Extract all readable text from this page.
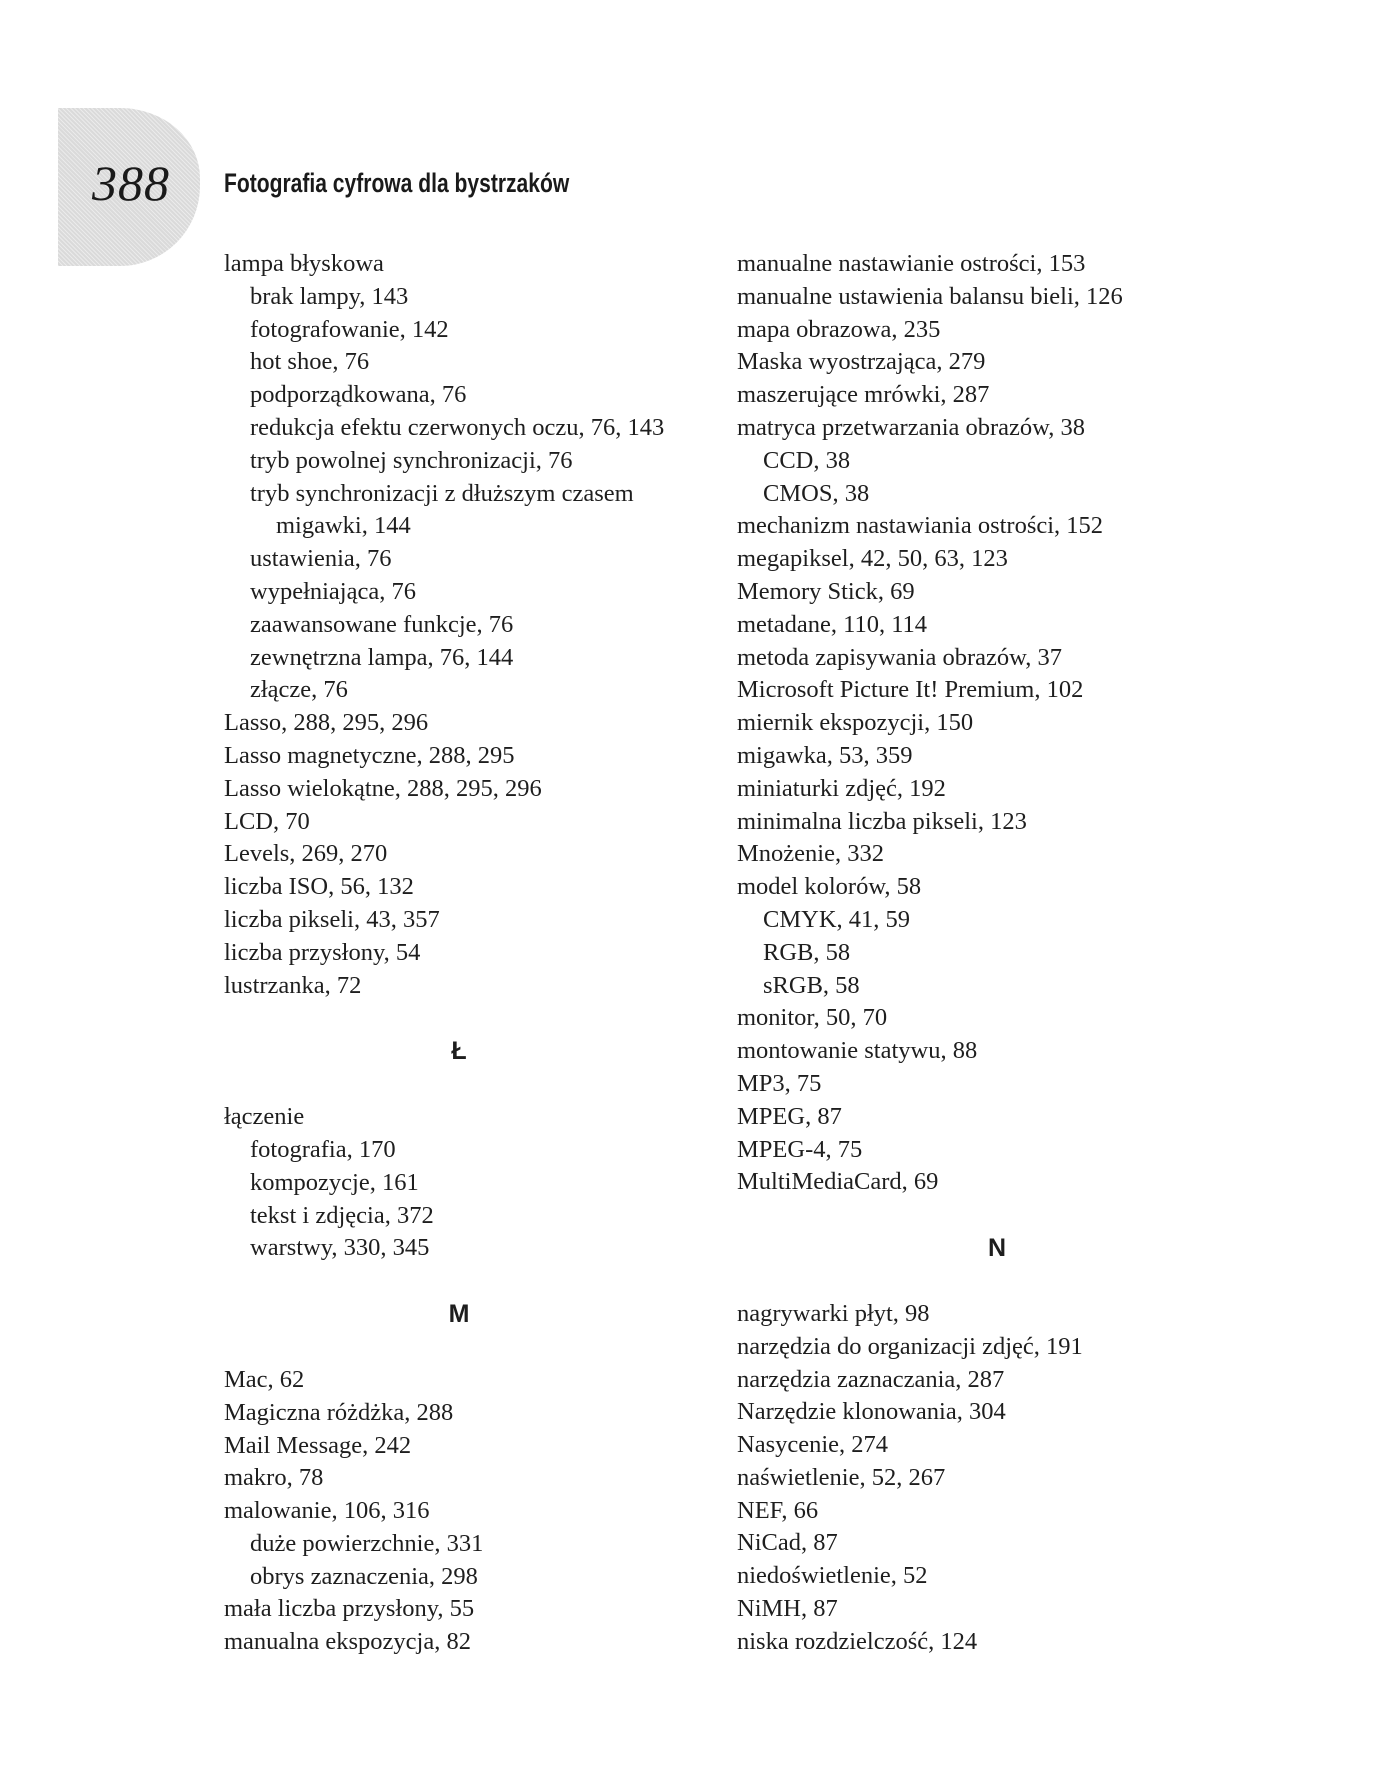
388 Fotografia cyfrowa dla bystrzaków
lampa błyskowa
brak lampy, 143
fotografowanie, 142
hot shoe, 76
podporządkowana, 76
redukcja efektu czerwonych oczu, 76, 143
tryb powolnej synchronizacji, 76
tryb synchronizacji z dłuższym czasem
migawki, 144
ustawienia, 76
wypełniająca, 76
zaawansowane funkcje, 76
zewnętrzna lampa, 76, 144
złącze, 76
Lasso, 288, 295, 296
Lasso magnetyczne, 288, 295
Lasso wielokątne, 288, 295, 296
LCD, 70
Levels, 269, 270
liczba ISO, 56, 132
liczba pikseli, 43, 357
liczba przysłony, 54
lustrzanka, 72
Ł
łączenie
fotografia, 170
kompozycje, 161
tekst i zdjęcia, 372
warstwy, 330, 345
M
Mac, 62
Magiczna różdżka, 288
Mail Message, 242
makro, 78
malowanie, 106, 316
duże powierzchnie, 331
obrys zaznaczenia, 298
mała liczba przysłony, 55
manualna ekspozycja, 82
manualne nastawianie ostrości, 153
manualne ustawienia balansu bieli, 126
mapa obrazowa, 235
Maska wyostrzająca, 279
maszerujące mrówki, 287
matryca przetwarzania obrazów, 38
CCD, 38
CMOS, 38
mechanizm nastawiania ostrości, 152
megapiksel, 42, 50, 63, 123
Memory Stick, 69
metadane, 110, 114
metoda zapisywania obrazów, 37
Microsoft Picture It! Premium, 102
miernik ekspozycji, 150
migawka, 53, 359
miniaturki zdjęć, 192
minimalna liczba pikseli, 123
Mnożenie, 332
model kolorów, 58
CMYK, 41, 59
RGB, 58
sRGB, 58
monitor, 50, 70
montowanie statywu, 88
MP3, 75
MPEG, 87
MPEG-4, 75
MultiMediaCard, 69
N
nagrywarki płyt, 98
narzędzia do organizacji zdjęć, 191
narzędzia zaznaczania, 287
Narzędzie klonowania, 304
Nasycenie, 274
naświetlenie, 52, 267
NEF, 66
NiCad, 87
niedoświetlenie, 52
NiMH, 87
niska rozdzielczość, 124
